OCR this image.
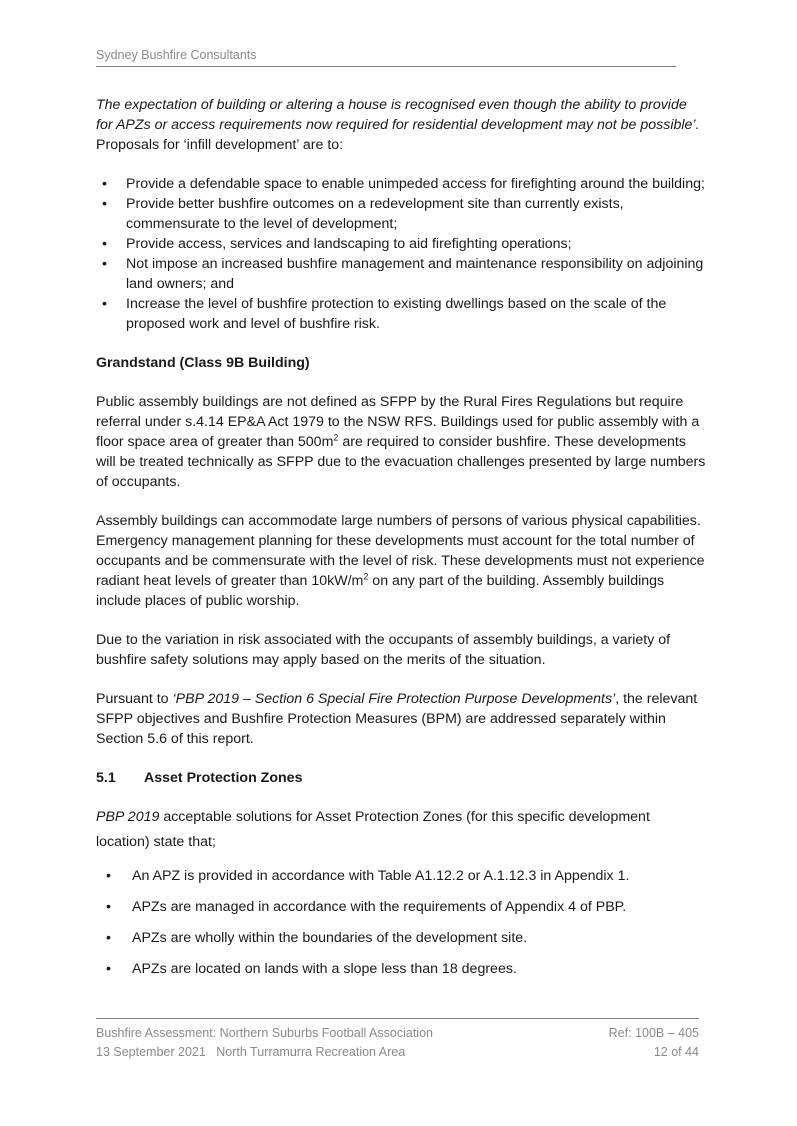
Sydney Bushfire Consultants

The expectation of building or altering a house is recognised even though the ability to provide for APZs or access requirements now required for residential development may not be possible’. Proposals for ‘infill development’ are to:

• Provide a defendable space to enable unimpeded access for firefighting around the building;
• Provide better bushfire outcomes on a redevelopment site than currently exists, commensurate to the level of development;
• Provide access, services and landscaping to aid firefighting operations;
• Not impose an increased bushfire management and maintenance responsibility on adjoining land owners; and
• Increase the level of bushfire protection to existing dwellings based on the scale of the proposed work and level of bushfire risk.
Grandstand (Class 9B Building)

Public assembly buildings are not defined as SFPP by the Rural Fires Regulations but require referral under s.4.14 EP&A Act 1979 to the NSW RFS. Buildings used for public assembly with a floor space area of greater than $500m^2$ are required to consider bushfire. These developments will be treated technically as SFPP due to the evacuation challenges presented by large numbers of occupants.

Assembly buildings can accommodate large numbers of persons of various physical capabilities. Emergency management planning for these developments must account for the total number of occupants and be commensurate with the level of risk. These developments must not experience radiant heat levels of greater than $10kW/m^2$ on any part of the building. Assembly buildings include places of public worship.

Due to the variation in risk associated with the occupants of assembly buildings, a variety of bushfire safety solutions may apply based on the merits of the situation.

Pursuant to ‘PBP 2019 – Section 6 Special Fire Protection Purpose Developments’, the relevant SFPP objectives and Bushfire Protection Measures (BPM) are addressed separately within Section 5.6 of this report.

5.1 Asset Protection Zones

PBP 2019 acceptable solutions for Asset Protection Zones (for this specific development location) state that;

• An APZ is provided in accordance with Table A1.12.2 or A.1.12.3 in Appendix 1.
• APZs are managed in accordance with the requirements of Appendix 4 of PBP.
• APZs are wholly within the boundaries of the development site.
• APZs are located on lands with a slope less than 18 degrees.
Bushfire Assessment: Northern Suburbs Football Association	Ref: 100B – 405
13 September 2021   North Turramurra Recreation Area	12 of 44
